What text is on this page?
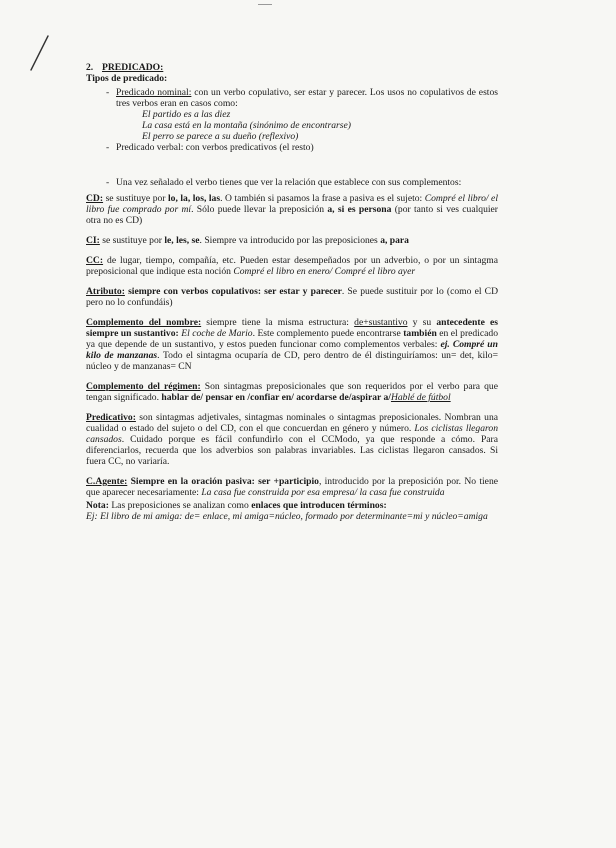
2. PREDICADO:
Tipos de predicado:
- Predicado nominal: con un verbo copulativo, ser estar y parecer. Los usos no copulativos de estos tres verbos eran en casos como:
El partido es a las diez
La casa está en la montaña (sinónimo de encontrarse)
El perro se parece a su dueño (reflexivo)
- Predicado verbal: con verbos predicativos (el resto)
- Una vez señalado el verbo tienes que ver la relación que establece con sus complementos:

CD: se sustituye por lo, la, los, las. O también si pasamos la frase a pasiva es el sujeto: Compré el libro/ el libro fue comprado por mí. Sólo puede llevar la preposición a, si es persona (por tanto si ves cualquier otra no es CD)

CI: se sustituye por le, les, se. Siempre va introducido por las preposiciones a, para

CC: de lugar, tiempo, compañía, etc. Pueden estar desempeñados por un adverbio, o por un sintagma preposicional que indique esta noción Compré el libro en enero/ Compré el libro ayer

Atributo: siempre con verbos copulativos: ser estar y parecer. Se puede sustituir por lo (como el CD pero no lo confundáis)

Complemento del nombre: siempre tiene la misma estructura: de+sustantivo y su antecedente es siempre un sustantivo: El coche de Mario. Este complemento puede encontrarse también en el predicado ya que depende de un sustantivo, y estos pueden funcionar como complementos verbales: ej. Compré un kilo de manzanas. Todo el sintagma ocuparía de CD, pero dentro de él distinguiríamos: un= det, kilo= núcleo y de manzanas= CN

Complemento del régimen: Son sintagmas preposicionales que son requeridos por el verbo para que tengan significado. hablar de/ pensar en /confiar en/ acordarse de/aspirar a/Hablé de fútbol

Predicativo: son sintagmas adjetivales, sintagmas nominales o sintagmas preposicionales. Nombran una cualidad o estado del sujeto o del CD, con el que concuerdan en género y número. Los ciclistas llegaron cansados. Cuidado porque es fácil confundirlo con el CCModo, ya que responde a cómo. Para diferenciarlos, recuerda que los adverbios son palabras invariables. Las ciclistas llegaron cansados. Si fuera CC, no variaría.

C.Agente: Siempre en la oración pasiva: ser +participio, introducido por la preposición por. No tiene que aparecer necesariamente: La casa fue construida por esa empresa/ la casa fue construida

Nota: Las preposiciones se analizan como enlaces que introducen términos:
Ej: El libro de mi amiga: de= enlace, mi amiga=núcleo, formado por determinante=mi y núcleo=amiga
